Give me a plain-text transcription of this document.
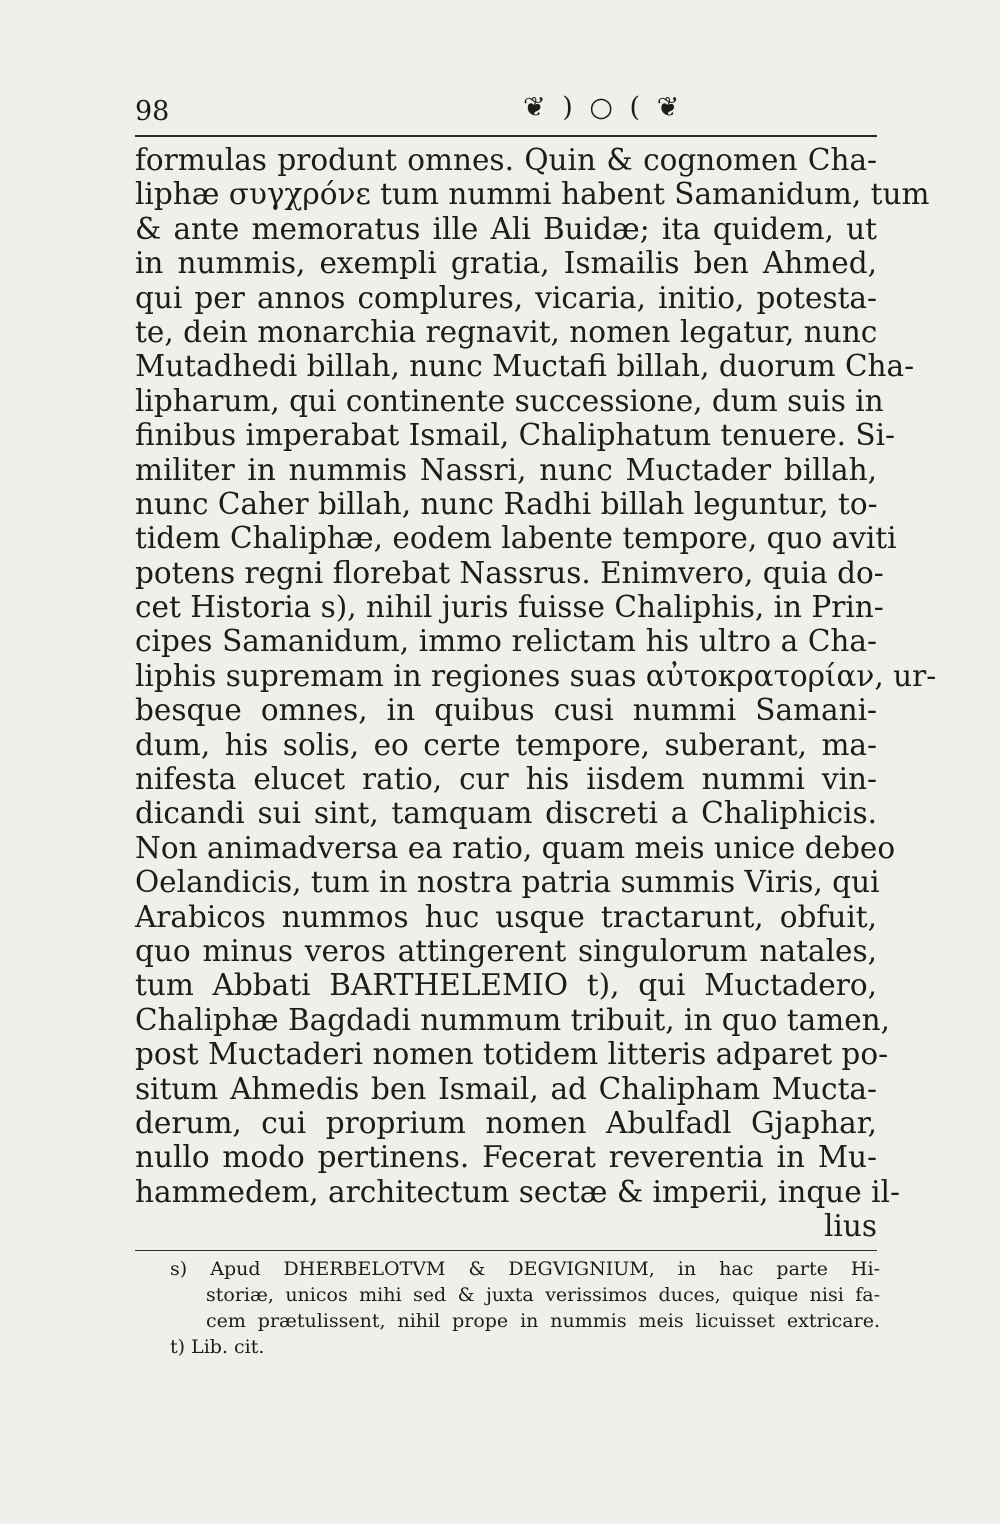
98	❦ ) ○ ( ❦
formulas produnt omnes. Quin & cognomen Cha-
liphæ συγχρόνε tum nummi habent Samanidum, tum
& ante memoratus ille Ali Buidæ; ita quidem, ut
in nummis, exempli gratia, Ismailis ben Ahmed,
qui per annos complures, vicaria, initio, potesta-
te, dein monarchia regnavit, nomen legatur, nunc
Mutadhedi billah, nunc Muctafi billah, duorum Cha-
lipharum, qui continente successione, dum suis in
finibus imperabat Ismail, Chaliphatum tenuere. Si-
militer in nummis Nassri, nunc Muctader billah,
nunc Caher billah, nunc Radhi billah leguntur, to-
tidem Chaliphæ, eodem labente tempore, quo aviti
potens regni florebat Nassrus. Enimvero, quia do-
cet Historia s), nihil juris fuisse Chaliphis, in Prin-
cipes Samanidum, immo relictam his ultro a Cha-
liphis supremam in regiones suas αὐτοκρατορίαν, ur-
besque omnes, in quibus cusi nummi Samani-
dum, his solis, eo certe tempore, suberant, ma-
nifesta elucet ratio, cur his iisdem nummi vin-
dicandi sui sint, tamquam discreti a Chaliphicis.
Non animadversa ea ratio, quam meis unice debeo
Oelandicis, tum in nostra patria summis Viris, qui
Arabicos nummos huc usque tractarunt, obfuit,
quo minus veros attingerent singulorum natales,
tum Abbati BARTHELEMIO t), qui Muctadero,
Chaliphæ Bagdadi nummum tribuit, in quo tamen,
post Muctaderi nomen totidem litteris adparet po-
situm Ahmedis ben Ismail, ad Chalipham Mucta-
derum, cui proprium nomen Abulfadl Gjaphar,
nullo modo pertinens. Fecerat reverentia in Mu-
hammedem, architectum sectæ & imperii, inque il-
lius
s) Apud DHERBELOTVM & DEGVIGNIUM, in hac parte Hi-
storiæ, unicos mihi sed & juxta verissimos duces, quique nisi fa-
cem prætulissent, nihil prope in nummis meis licuisset extricare.
t) Lib. cit.
